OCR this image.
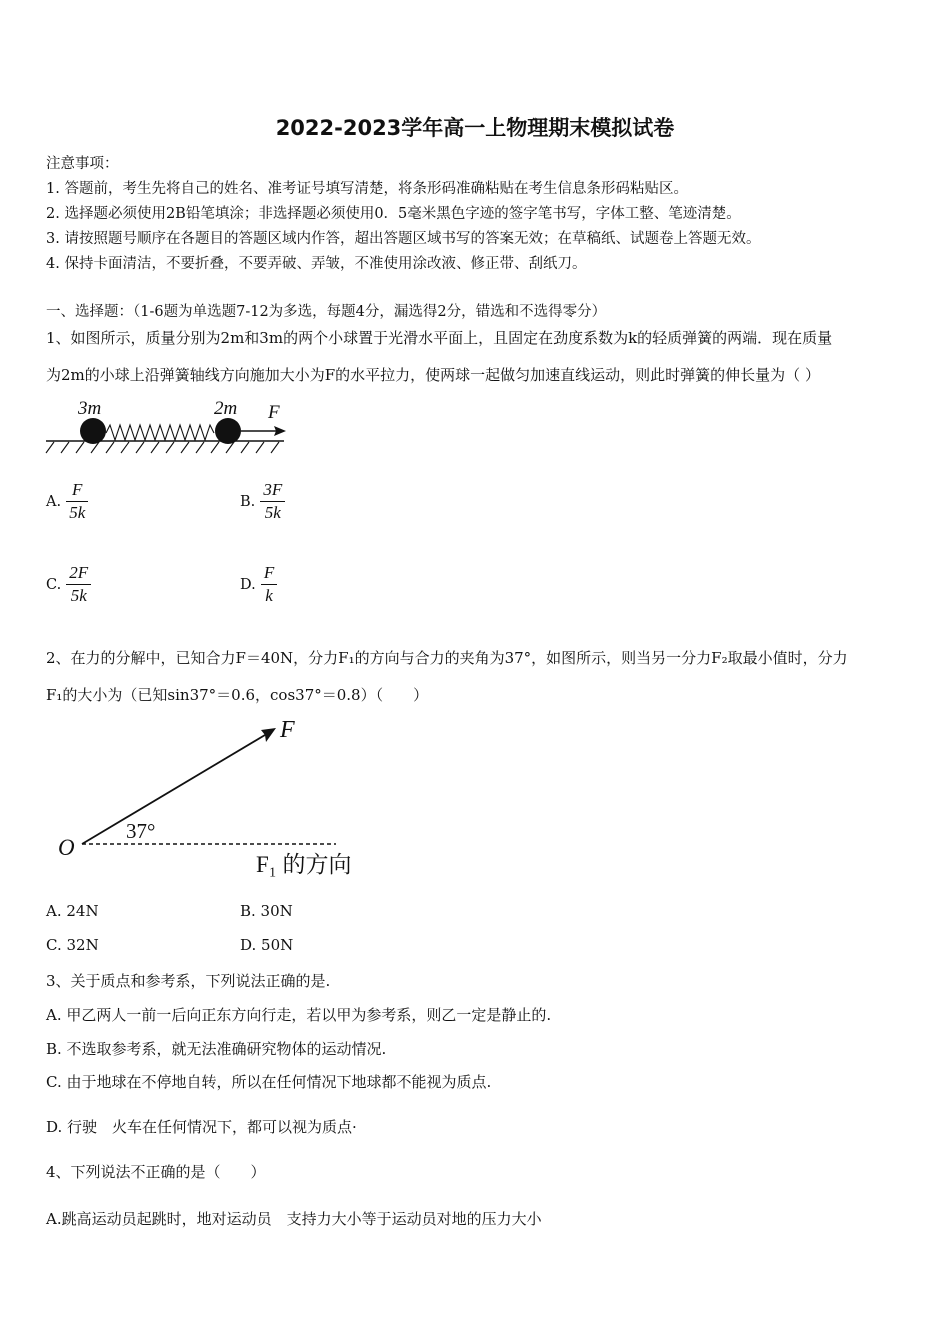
2022-2023学年高一上物理期末模拟试卷
注意事项：
1. 答题前，考生先将自己的姓名、准考证号填写清楚，将条形码准确粘贴在考生信息条形码粘贴区。
2. 选择题必须使用2B铅笔填涂；非选择题必须使用0．5毫米黑色字迹的签字笔书写，字体工整、笔迹清楚。
3. 请按照题号顺序在各题目的答题区域内作答，超出答题区域书写的答案无效；在草稿纸、试题卷上答题无效。
4. 保持卡面清洁，不要折叠，不要弄破、弄皱，不准使用涂改液、修正带、刮纸刀。
一、选择题：（1-6题为单选题7-12为多选，每题4分，漏选得2分，错选和不选得零分）
1、如图所示，质量分别为2m和3m的两个小球置于光滑水平面上，且固定在劲度系数为k的轻质弹簧的两端．现在质量
为2m的小球上沿弹簧轴线方向施加大小为F的水平拉力，使两球一起做匀加速直线运动，则此时弹簧的伸长量为（ ）
3m	2m F
A. $\frac{F}{5k}$	B. $\frac{3F}{5k}$
C. $\frac{2F}{5k}$	D. $\frac{F}{k}$
2、在力的分解中，已知合力F＝40N，分力F₁的方向与合力的夹角为37°，如图所示，则当另一分力F₂取最小值时，分力
F₁的大小为（已知sin37°＝0.6，cos37°＝0.8）（　　）
F
O
37°
F₁ 的方向
A. 24N	B. 30N
C. 32N	D. 50N
3、关于质点和参考系，下列说法正确的是.
A. 甲乙两人一前一后向正东方向行走，若以甲为参考系，则乙一定是静止的.
B. 不选取参考系，就无法准确研究物体的运动情况.
C. 由于地球在不停地自转，所以在任何情况下地球都不能视为质点.
D. 行驶　火车在任何情况下，都可以视为质点·
4、下列说法不正确的是（　　）
A.跳高运动员起跳时，地对运动员　支持力大小等于运动员对地的压力大小
